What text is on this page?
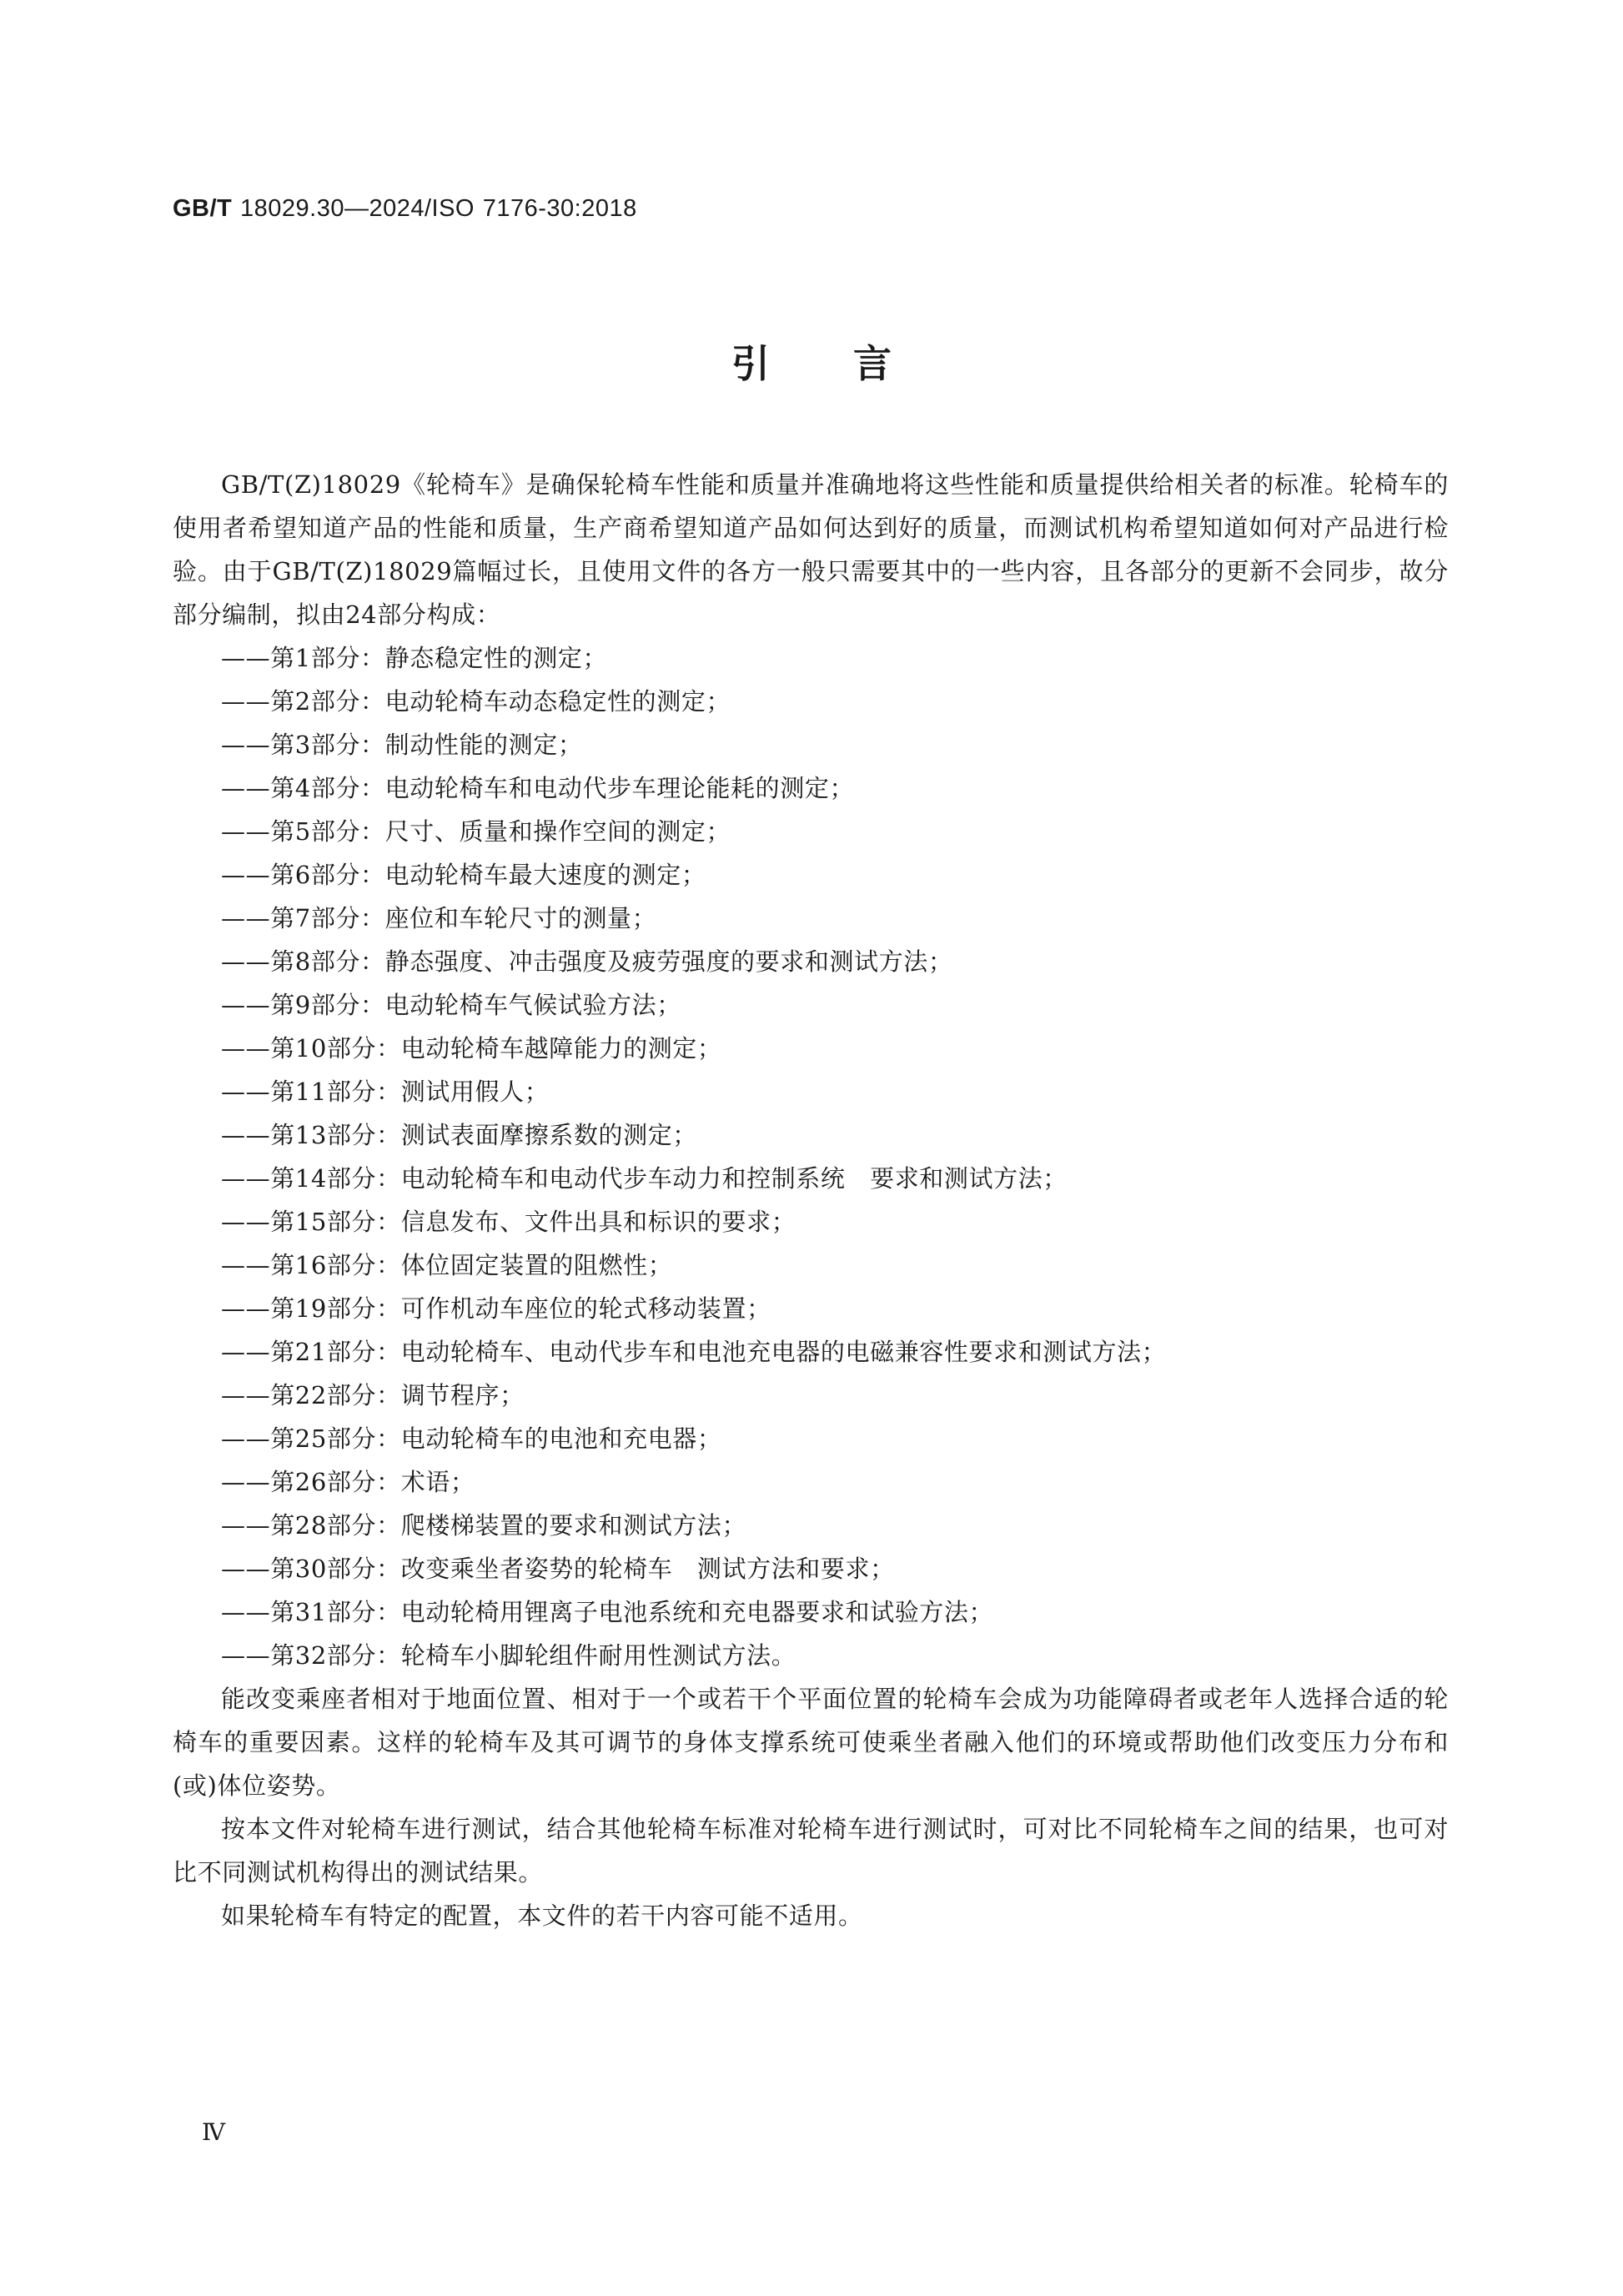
GB/T 18029.30—2024/ISO 7176-30:2018
引言

GB/T(Z)18029《轮椅车》是确保轮椅车性能和质量并准确地将这些性能和质量提供给相关者的标准。轮椅车的使用者希望知道产品的性能和质量，生产商希望知道产品如何达到好的质量，而测试机构希望知道如何对产品进行检验。由于GB/T(Z)18029篇幅过长，且使用文件的各方一般只需要其中的一些内容，且各部分的更新不会同步，故分部分编制，拟由24部分构成：

——第1部分：静态稳定性的测定；
——第2部分：电动轮椅车动态稳定性的测定；
——第3部分：制动性能的测定；
——第4部分：电动轮椅车和电动代步车理论能耗的测定；
——第5部分：尺寸、质量和操作空间的测定；
——第6部分：电动轮椅车最大速度的测定；
——第7部分：座位和车轮尺寸的测量；
——第8部分：静态强度、冲击强度及疲劳强度的要求和测试方法；
——第9部分：电动轮椅车气候试验方法；
——第10部分：电动轮椅车越障能力的测定；
——第11部分：测试用假人；
——第13部分：测试表面摩擦系数的测定；
——第14部分：电动轮椅车和电动代步车动力和控制系统　要求和测试方法；
——第15部分：信息发布、文件出具和标识的要求；
——第16部分：体位固定装置的阻燃性；
——第19部分：可作机动车座位的轮式移动装置；
——第21部分：电动轮椅车、电动代步车和电池充电器的电磁兼容性要求和测试方法；
——第22部分：调节程序；
——第25部分：电动轮椅车的电池和充电器；
——第26部分：术语；
——第28部分：爬楼梯装置的要求和测试方法；
——第30部分：改变乘坐者姿势的轮椅车　测试方法和要求；
——第31部分：电动轮椅用锂离子电池系统和充电器要求和试验方法；
——第32部分：轮椅车小脚轮组件耐用性测试方法。

能改变乘座者相对于地面位置、相对于一个或若干个平面位置的轮椅车会成为功能障碍者或老年人选择合适的轮椅车的重要因素。这样的轮椅车及其可调节的身体支撑系统可使乘坐者融入他们的环境或帮助他们改变压力分布和(或)体位姿势。

按本文件对轮椅车进行测试，结合其他轮椅车标准对轮椅车进行测试时，可对比不同轮椅车之间的结果，也可对比不同测试机构得出的测试结果。

如果轮椅车有特定的配置，本文件的若干内容可能不适用。

Ⅳ
